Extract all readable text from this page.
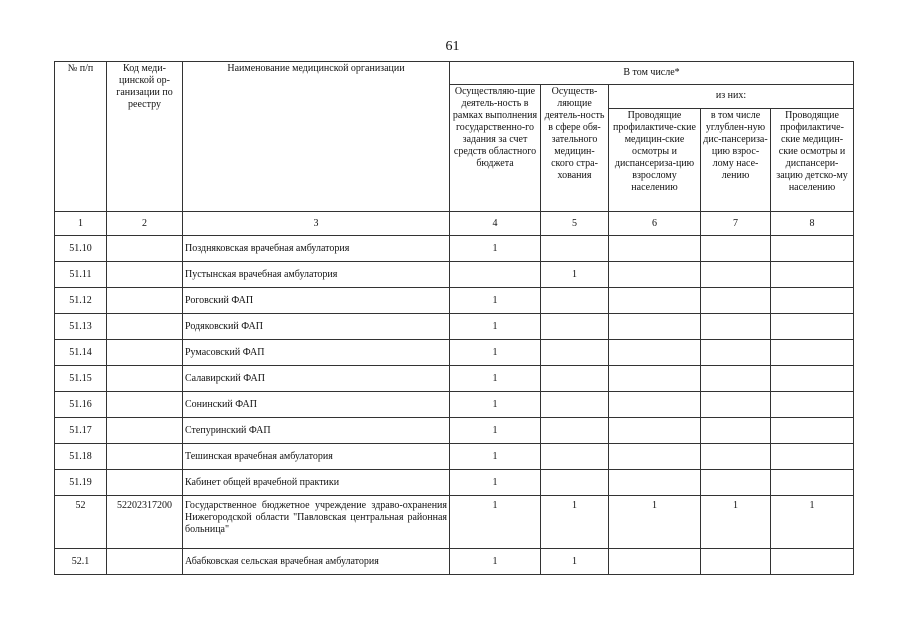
61
№ п/п	Код меди-цинской ор-ганизации по реестру	Наименование медицинской организации	В том числе*				
			Осуществляю-щие деятель-ность в рамках выполнения государственно-го задания за счет средств областного бюджета	Осуществ-ляющие деятель-ность в сфере обя-зательного медицин-ского стра-хования	из них:		
					Проводящие профилактиче-ские медицин-ские осмотры и диспансериза-цию взрослому населению	в том числе углублен-ную дис-пансериза-цию взрос-лому насе-лению	Проводящие профилактиче-ские медицин-ские осмотры и диспансери-зацию детско-му населению
1	2	3	4	5	6	7	8
51.10		Поздняковская врачебная амбулатория	1				
51.11		Пустынская врачебная амбулатория		1			
51.12		Роговский ФАП	1				
51.13		Родяковский ФАП	1				
51.14		Румасовский ФАП	1				
51.15		Салавирский ФАП	1				
51.16		Сонинский ФАП	1				
51.17		Степуринский ФАП	1				
51.18		Тешинская врачебная амбулатория	1				
51.19		Кабинет общей врачебной практики	1				
52	52202317200	Государственное бюджетное учреждение здраво-охранения Нижегородской области "Павловская центральная районная больница"	1	1	1	1	1
52.1		Абабковская сельская врачебная амбулатория	1	1			
